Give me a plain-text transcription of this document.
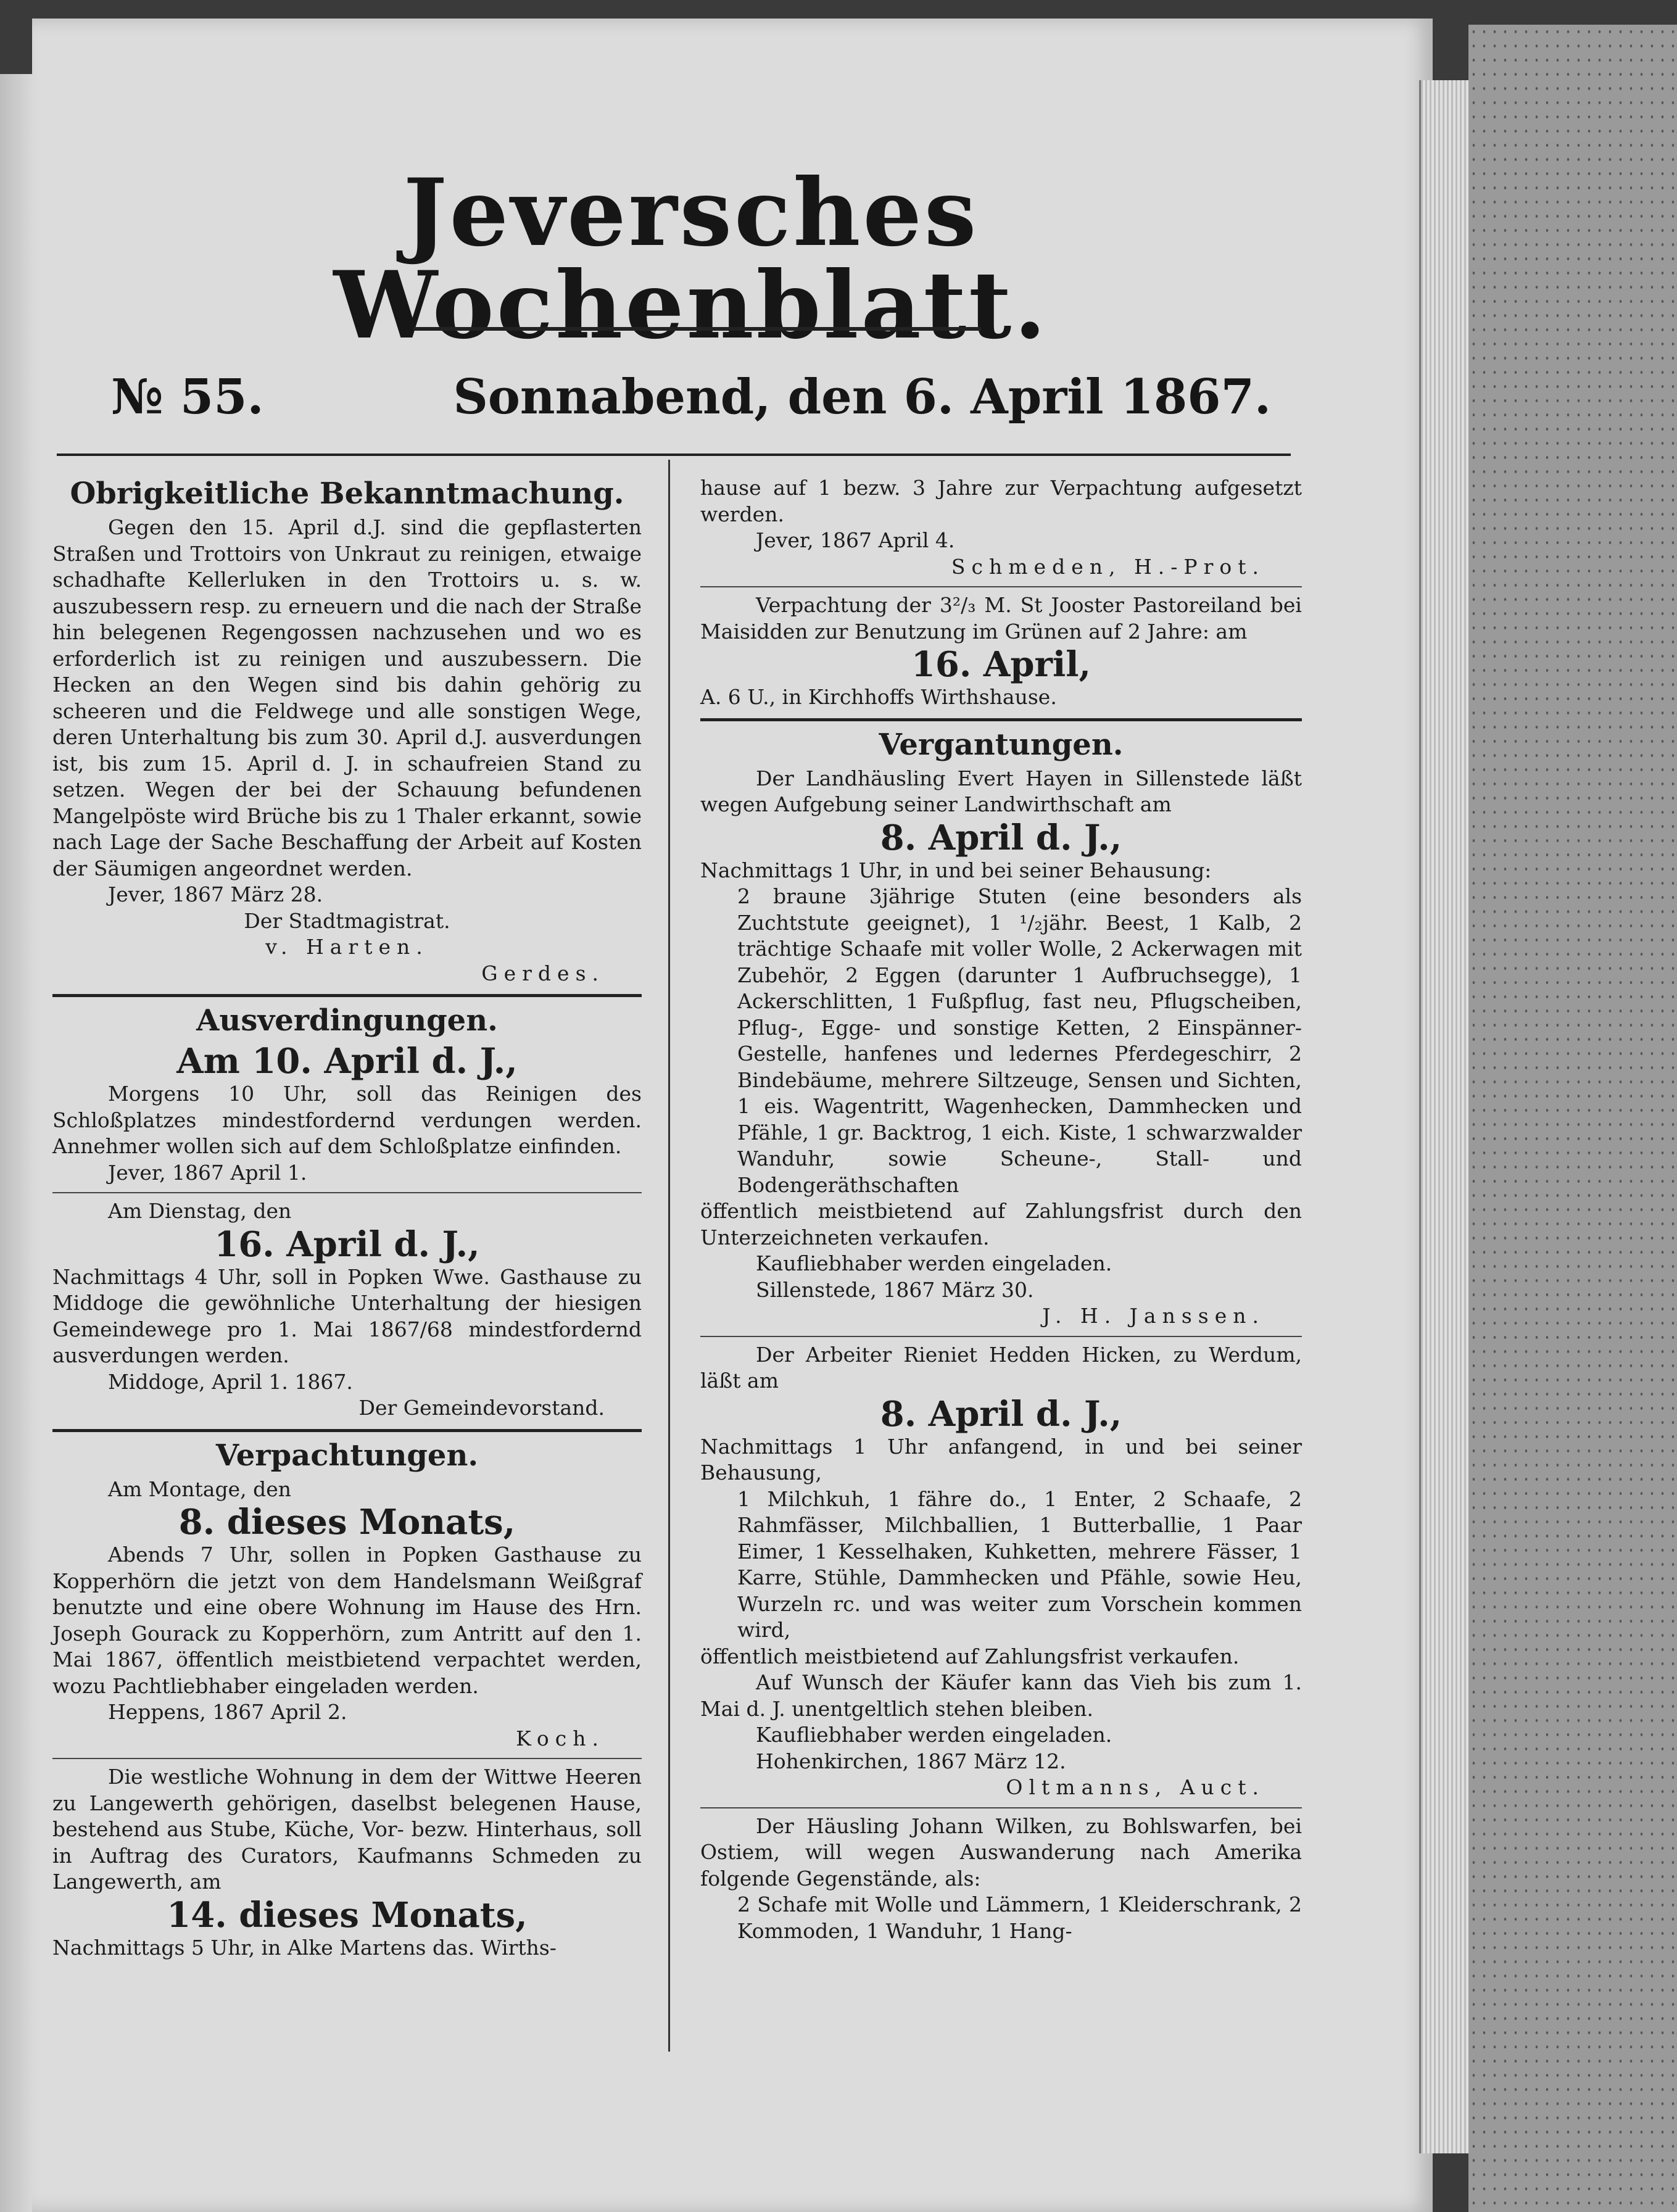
Jeversches Wochenblatt.
№ 55.	Sonnabend, den 6. April 1867.
Obrigkeitliche Bekanntmachung.

Gegen den 15. April d.J. sind die gepflasterten Straßen und Trottoirs von Unkraut zu reinigen, etwaige schadhafte Kellerluken in den Trottoirs u. s. w. auszubessern resp. zu erneuern und die nach der Straße hin belegenen Regengossen nachzusehen und wo es erforderlich ist zu reinigen und auszubessern. Die Hecken an den Wegen sind bis dahin gehörig zu scheeren und die Feldwege und alle sonstigen Wege, deren Unterhaltung bis zum 30. April d.J. ausverdungen ist, bis zum 15. April d. J. in schaufreien Stand zu setzen. Wegen der bei der Schauung befundenen Mangelpöste wird Brüche bis zu 1 Thaler erkannt, sowie nach Lage der Sache Beschaffung der Arbeit auf Kosten der Säumigen angeordnet werden.

Jever, 1867 März 28.

Der Stadtmagistrat.

v. Harten.

Gerdes.

Ausverdingungen.
Am 10. April d. J.,

Morgens 10 Uhr, soll das Reinigen des Schloßplatzes mindestfordernd verdungen werden. Annehmer wollen sich auf dem Schloßplatze einfinden.

Jever, 1867 April 1.

Am Dienstag, den

16. April d. J.,

Nachmittags 4 Uhr, soll in Popken Wwe. Gasthause zu Middoge die gewöhnliche Unterhaltung der hiesigen Gemeindewege pro 1. Mai 1867/68 mindestfordernd ausverdungen werden.

Middoge, April 1. 1867.

Der Gemeindevorstand.

Verpachtungen.

Am Montage, den

8. dieses Monats,

Abends 7 Uhr, sollen in Popken Gasthause zu Kopperhörn die jetzt von dem Handelsmann Weißgraf benutzte und eine obere Wohnung im Hause des Hrn. Joseph Gourack zu Kopperhörn, zum Antritt auf den 1. Mai 1867, öffentlich meistbietend verpachtet werden, wozu Pachtliebhaber eingeladen werden.

Heppens, 1867 April 2.

Koch.

Die westliche Wohnung in dem der Wittwe Heeren zu Langewerth gehörigen, daselbst belegenen Hause, bestehend aus Stube, Küche, Vor- bezw. Hinterhaus, soll in Auftrag des Curators, Kaufmanns Schmeden zu Langewerth, am

14. dieses Monats,

Nachmittags 5 Uhr, in Alke Martens das. Wirths-

hause auf 1 bezw. 3 Jahre zur Verpachtung aufgesetzt werden.

Jever, 1867 April 4.

Schmeden, H.-Prot.

Verpachtung der 3²/₃ M. St Jooster Pastoreiland bei Maisidden zur Benutzung im Grünen auf 2 Jahre: am

16. April,

A. 6 U., in Kirchhoffs Wirthshause.

Vergantungen.

Der Landhäusling Evert Hayen in Sillenstede läßt wegen Aufgebung seiner Landwirthschaft am

8. April d. J.,

Nachmittags 1 Uhr, in und bei seiner Behausung:

2 braune 3jährige Stuten (eine besonders als Zuchtstute geeignet), 1 ¹/₂jähr. Beest, 1 Kalb, 2 trächtige Schaafe mit voller Wolle, 2 Ackerwagen mit Zubehör, 2 Eggen (darunter 1 Aufbruchsegge), 1 Ackerschlitten, 1 Fußpflug, fast neu, Pflugscheiben, Pflug-, Egge- und sonstige Ketten, 2 Einspänner-Gestelle, hanfenes und ledernes Pferdegeschirr, 2 Bindebäume, mehrere Siltzeuge, Sensen und Sichten, 1 eis. Wagentritt, Wagenhecken, Dammhecken und Pfähle, 1 gr. Backtrog, 1 eich. Kiste, 1 schwarzwalder Wanduhr, sowie Scheune-, Stall- und Bodengeräthschaften

öffentlich meistbietend auf Zahlungsfrist durch den Unterzeichneten verkaufen.

Kaufliebhaber werden eingeladen.

Sillenstede, 1867 März 30.

J. H. Janssen.

Der Arbeiter Rieniet Hedden Hicken, zu Werdum, läßt am

8. April d. J.,

Nachmittags 1 Uhr anfangend, in und bei seiner Behausung,

1 Milchkuh, 1 fähre do., 1 Enter, 2 Schaafe, 2 Rahmfässer, Milchballien, 1 Butterballie, 1 Paar Eimer, 1 Kesselhaken, Kuhketten, mehrere Fässer, 1 Karre, Stühle, Dammhecken und Pfähle, sowie Heu, Wurzeln rc. und was weiter zum Vorschein kommen wird,

öffentlich meistbietend auf Zahlungsfrist verkaufen.

Auf Wunsch der Käufer kann das Vieh bis zum 1. Mai d. J. unentgeltlich stehen bleiben.

Kaufliebhaber werden eingeladen.

Hohenkirchen, 1867 März 12.

Oltmanns, Auct.

Der Häusling Johann Wilken, zu Bohlswarfen, bei Ostiem, will wegen Auswanderung nach Amerika folgende Gegenstände, als:

2 Schafe mit Wolle und Lämmern, 1 Kleiderschrank, 2 Kommoden, 1 Wanduhr, 1 Hang-
